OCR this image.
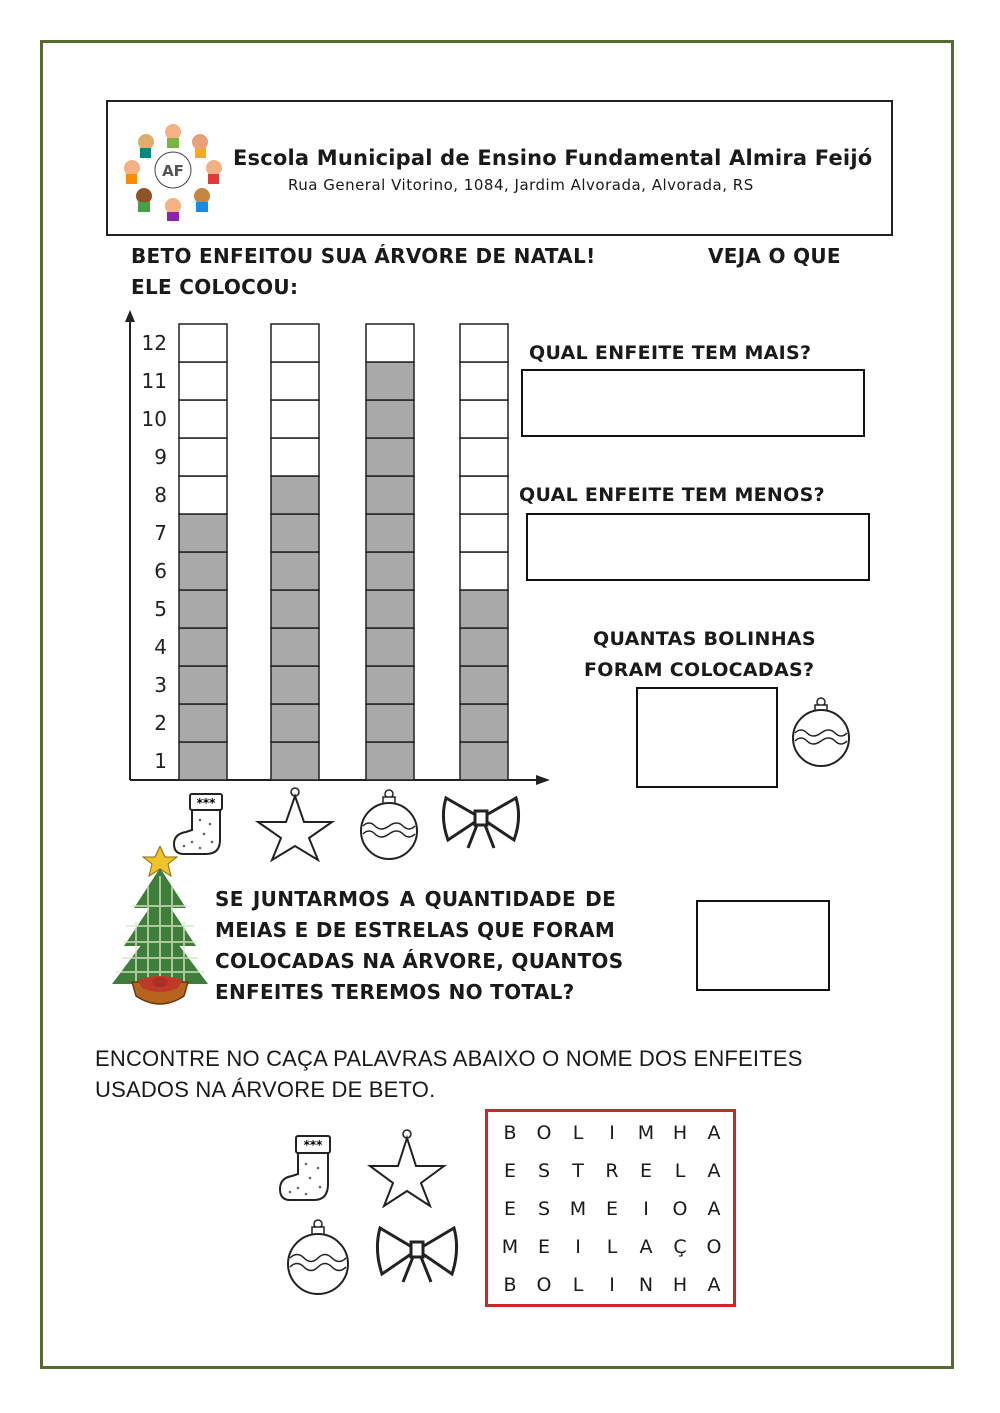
AF
Escola Municipal de Ensino Fundamental Almira Feijó
Rua General Vitorino, 1084, Jardim Alvorada, Alvorada, RS
BETO ENFEITOU SUA ÁRVORE DE NATAL!	VEJA O QUE
ELE COLOCOU:
1
2
3
4
5
6
7
8
9
10
11
12
***
QUAL ENFEITE TEM MAIS?
QUAL ENFEITE TEM MENOS?
QUANTAS BOLINHAS
FORAM COLOCADAS?
SE JUNTARMOS A QUANTIDADE DE
MEIAS E DE ESTRELAS QUE FORAM
COLOCADAS NA ÁRVORE, QUANTOS
ENFEITES TEREMOS NO TOTAL?
ENCONTRE NO CAÇA PALAVRAS ABAIXO O NOME DOS ENFEITES
USADOS NA ÁRVORE DE BETO.
***
B O	L	I	M H A
E	S	T	R	E	L	A
E	S	M	E	I	O A
M	E	I	L	A Ç O
B O	L	I	N H A
